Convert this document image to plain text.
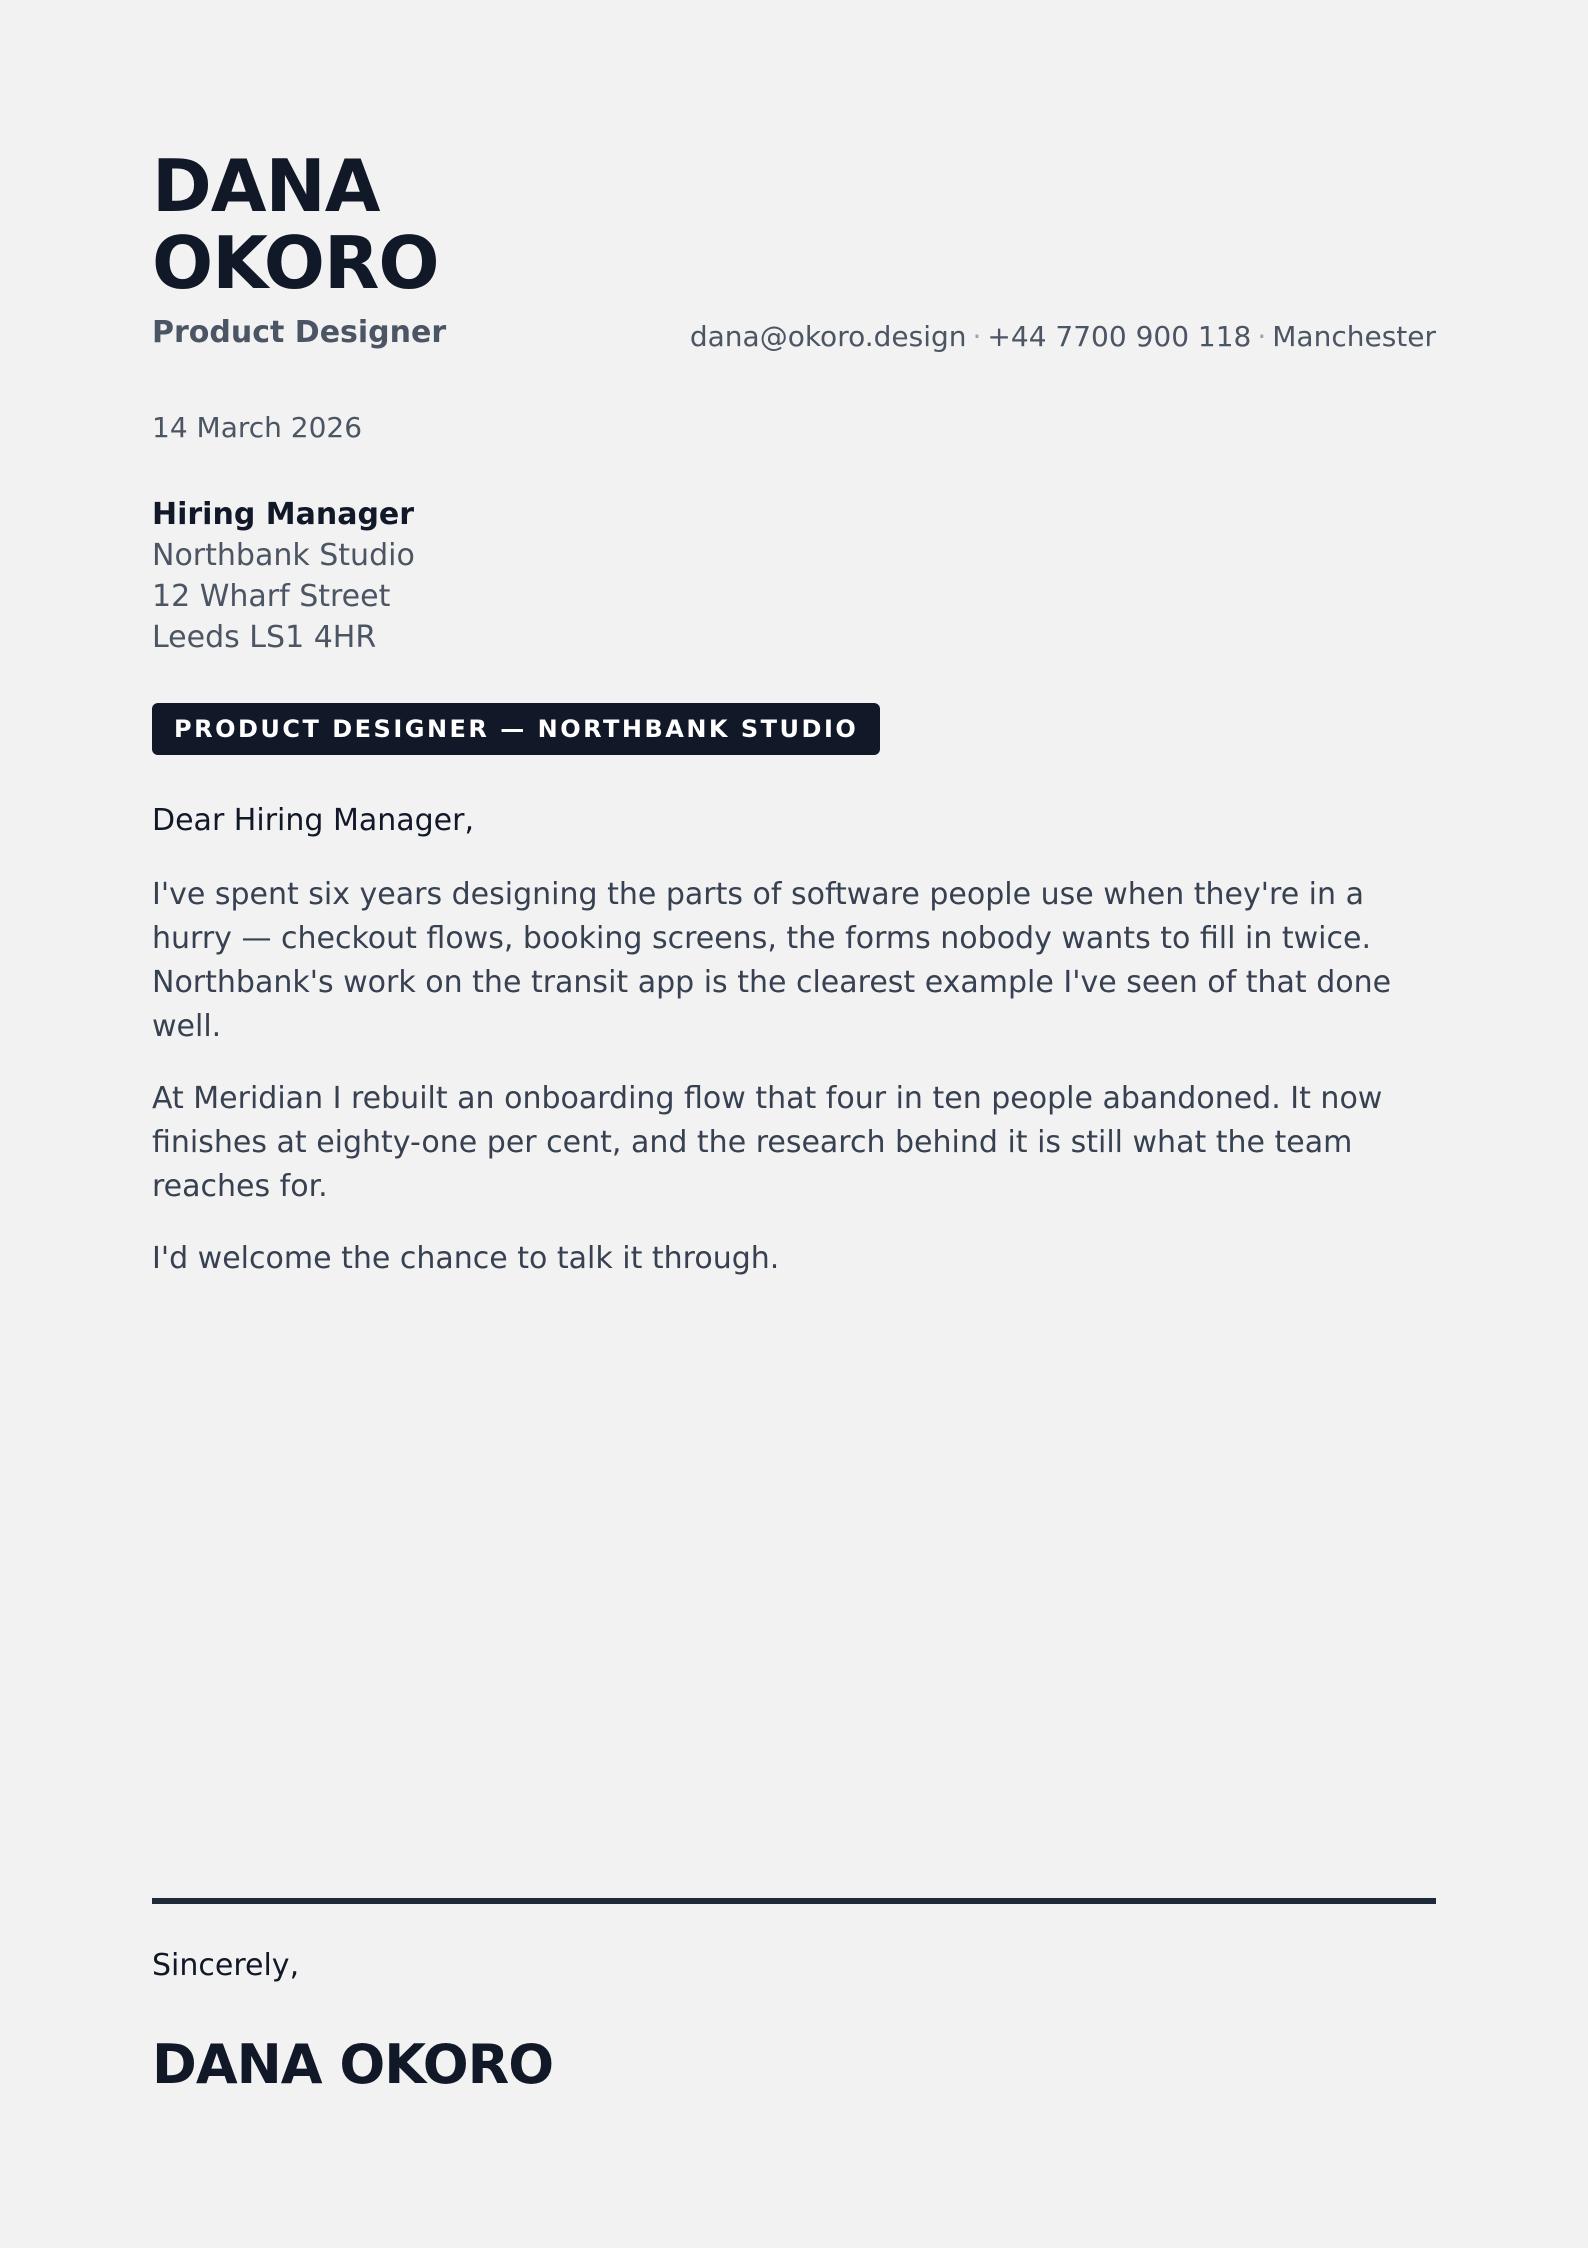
DANA
OKORO
Product Designer	dana@okoro.design · +44 7700 900 118 · Manchester
14 March 2026
Hiring Manager
Northbank Studio
12 Wharf Street
Leeds LS1 4HR
PRODUCT DESIGNER — NORTHBANK STUDIO

Dear Hiring Manager,

I've spent six years designing the parts of software people use when they're in a hurry — checkout flows, booking screens, the forms nobody wants to fill in twice. Northbank's work on the transit app is the clearest example I've seen of that done well.

At Meridian I rebuilt an onboarding flow that four in ten people abandoned. It now finishes at eighty-one per cent, and the research behind it is still what the team reaches for.

I'd welcome the chance to talk it through.

Sincerely,
DANA OKORO
